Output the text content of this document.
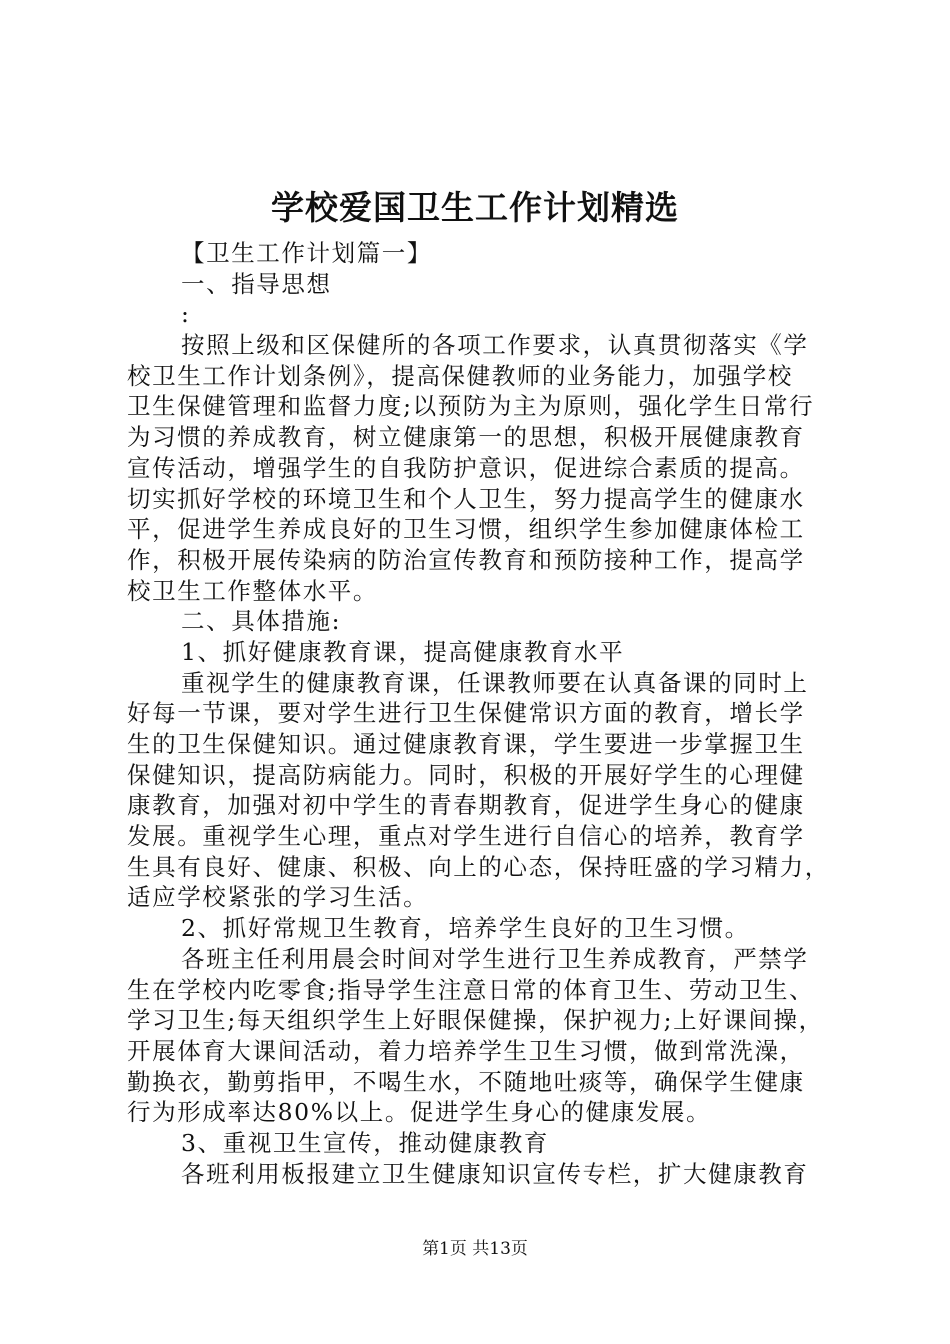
学校爱国卫生工作计划精选

【卫生工作计划篇一】

一、指导思想

:

按照上级和区保健所的各项工作要求，认真贯彻落实《学

校卫生工作计划条例》，提高保健教师的业务能力，加强学校

卫生保健管理和监督力度;以预防为主为原则，强化学生日常行

为习惯的养成教育，树立健康第一的思想，积极开展健康教育

宣传活动，增强学生的自我防护意识，促进综合素质的提高。

切实抓好学校的环境卫生和个人卫生，努力提高学生的健康水

平，促进学生养成良好的卫生习惯，组织学生参加健康体检工

作，积极开展传染病的防治宣传教育和预防接种工作，提高学

校卫生工作整体水平。

二、具体措施:

1、抓好健康教育课，提高健康教育水平

重视学生的健康教育课，任课教师要在认真备课的同时上

好每一节课，要对学生进行卫生保健常识方面的教育，增长学

生的卫生保健知识。通过健康教育课，学生要进一步掌握卫生

保健知识，提高防病能力。同时，积极的开展好学生的心理健

康教育，加强对初中学生的青春期教育，促进学生身心的健康

发展。重视学生心理，重点对学生进行自信心的培养，教育学

生具有良好、健康、积极、向上的心态，保持旺盛的学习精力，

适应学校紧张的学习生活。

2、抓好常规卫生教育，培养学生良好的卫生习惯。

各班主任利用晨会时间对学生进行卫生养成教育，严禁学

生在学校内吃零食;指导学生注意日常的体育卫生、劳动卫生、

学习卫生;每天组织学生上好眼保健操，保护视力;上好课间操，

开展体育大课间活动，着力培养学生卫生习惯，做到常洗澡，

勤换衣，勤剪指甲，不喝生水，不随地吐痰等，确保学生健康

行为形成率达80%以上。促进学生身心的健康发展。

3、重视卫生宣传，推动健康教育

各班利用板报建立卫生健康知识宣传专栏，扩大健康教育

第1页 共13页
